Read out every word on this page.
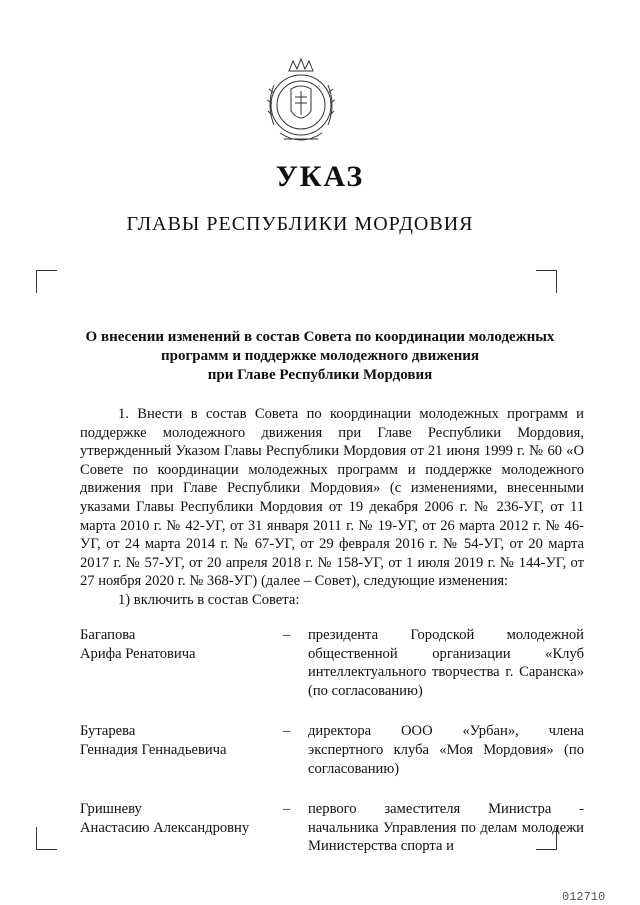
УКАЗ
ГЛАВЫ РЕСПУБЛИКИ МОРДОВИЯ
О внесении изменений в состав Совета по координации молодежных
программ и поддержке молодежного движения
при Главе Республики Мордовия

1. Внести в состав Совета по координации молодежных программ и поддержке молодежного движения при Главе Республики Мордовия, утвержденный Указом Главы Республики Мордовия от 21 июня 1999 г. № 60 «О Совете по координации молодежных программ и поддержке молодежного движения при Главе Республики Мордовия» (с изменениями, внесенными указами Главы Республики Мордовия от 19 декабря 2006 г. № 236-УГ, от 11 марта 2010 г. № 42-УГ, от 31 января 2011 г. № 19-УГ, от 26 марта 2012 г. № 46-УГ, от 24 марта 2014 г. № 67-УГ, от 29 февраля 2016 г. № 54-УГ, от 20 марта 2017 г. № 57-УГ, от 20 апреля 2018 г. № 158-УГ, от 1 июля 2019 г. № 144-УГ, от 27 ноября 2020 г. № 368-УГ) (далее – Совет), следующие изменения:

1) включить в состав Совета:

Багапова
Арифа Ренатовича
–	президента Городской молодежной общественной организации «Клуб интеллектуального творчества г. Саранска» (по согласованию)
Бутарева
Геннадия Геннадьевича
–	директора ООО «Урбан», члена экспертного клуба «Моя Мордовия» (по согласованию)
Гришневу
Анастасию Александровну
–	первого заместителя Министра - начальника Управления по делам молодежи Министерства спорта и
012710
